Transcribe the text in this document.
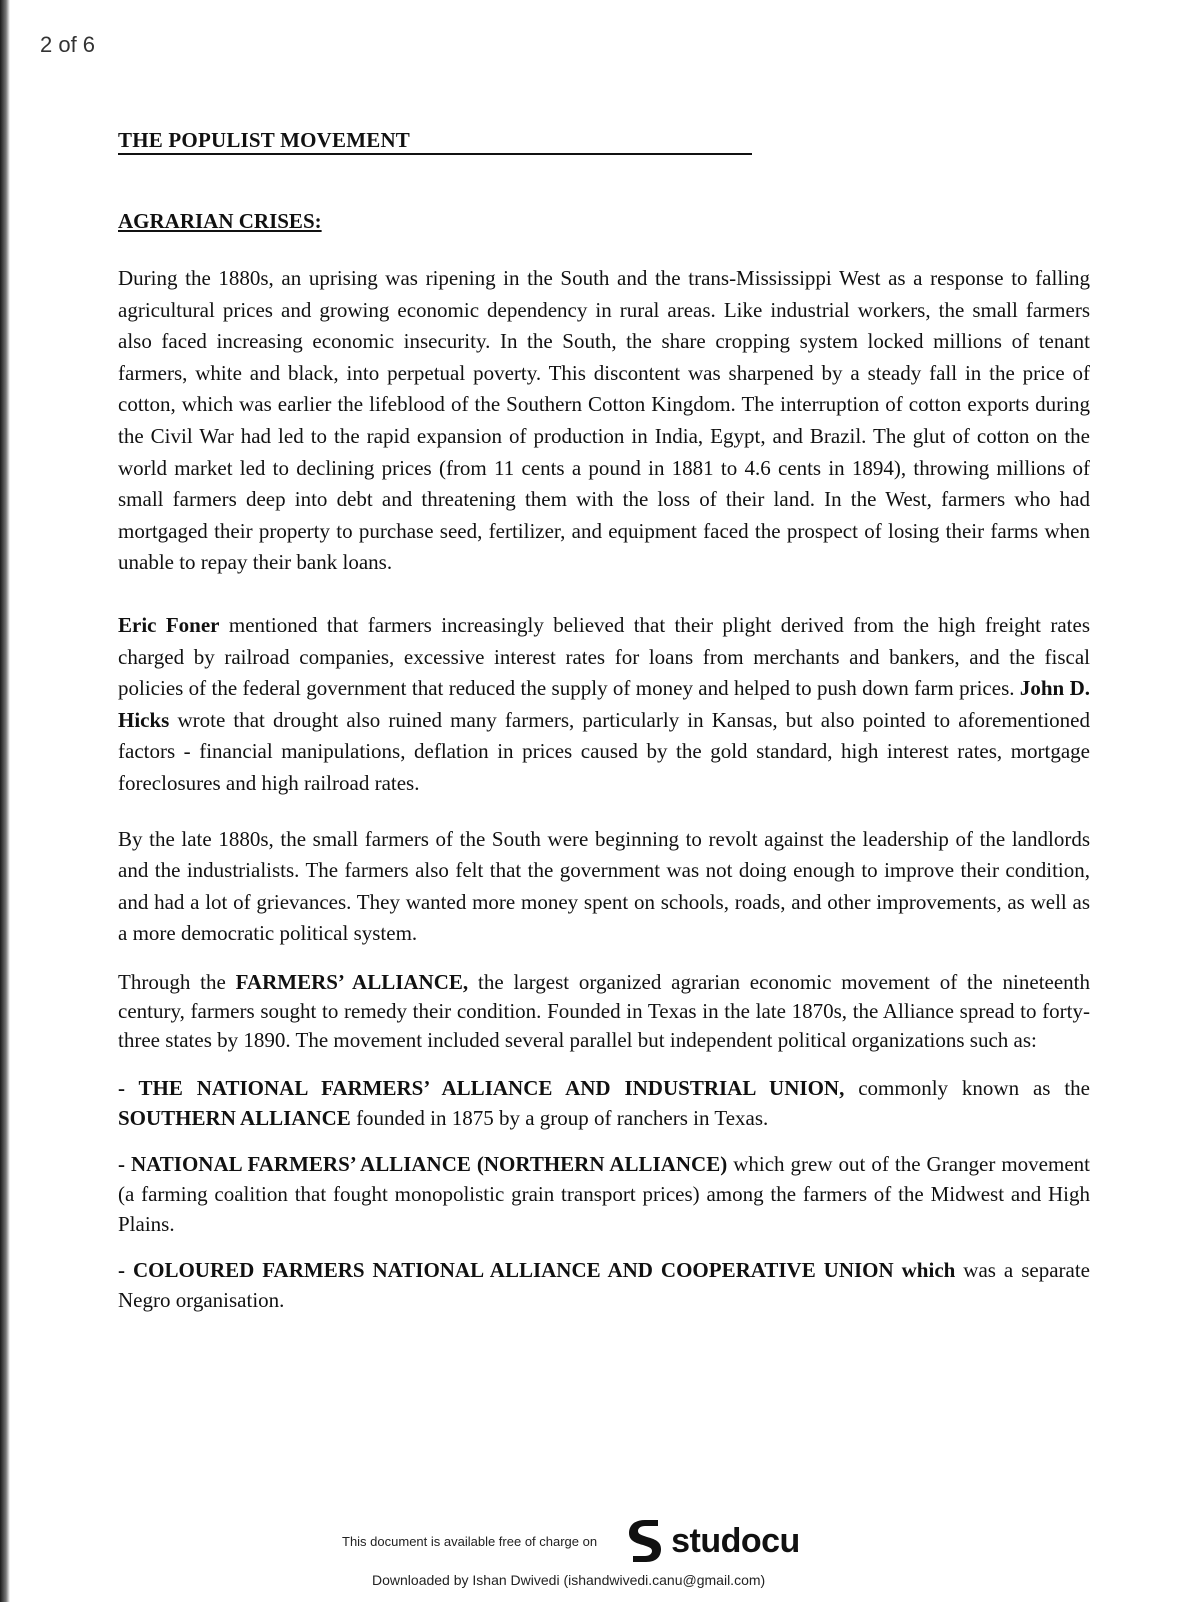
2 of 6
THE POPULIST MOVEMENT
AGRARIAN CRISES:

During the 1880s, an uprising was ripening in the South and the trans-Mississippi West as a response to falling agricultural prices and growing economic dependency in rural areas. Like industrial workers, the small farmers also faced increasing economic insecurity. In the South, the share cropping system locked millions of tenant farmers, white and black, into perpetual poverty. This discontent was sharpened by a steady fall in the price of cotton, which was earlier the lifeblood of the Southern Cotton Kingdom. The interruption of cotton exports during the Civil War had led to the rapid expansion of production in India, Egypt, and Brazil. The glut of cotton on the world market led to declining prices (from 11 cents a pound in 1881 to 4.6 cents in 1894), throwing millions of small farmers deep into debt and threatening them with the loss of their land. In the West, farmers who had mortgaged their property to purchase seed, fertilizer, and equipment faced the prospect of losing their farms when unable to repay their bank loans.

Eric Foner mentioned that farmers increasingly believed that their plight derived from the high freight rates charged by railroad companies, excessive interest rates for loans from merchants and bankers, and the fiscal policies of the federal government that reduced the supply of money and helped to push down farm prices. John D. Hicks wrote that drought also ruined many farmers, particularly in Kansas, but also pointed to aforementioned factors - financial manipulations, deflation in prices caused by the gold standard, high interest rates, mortgage foreclosures and high railroad rates.

By the late 1880s, the small farmers of the South were beginning to revolt against the leadership of the landlords and the industrialists. The farmers also felt that the government was not doing enough to improve their condition, and had a lot of grievances. They wanted more money spent on schools, roads, and other improvements, as well as a more democratic political system.

Through the FARMERS’ ALLIANCE, the largest organized agrarian economic movement of the nineteenth century, farmers sought to remedy their condition. Founded in Texas in the late 1870s, the Alliance spread to forty-three states by 1890. The movement included several parallel but independent political organizations such as:

- THE NATIONAL FARMERS’ ALLIANCE AND INDUSTRIAL UNION, commonly known as the SOUTHERN ALLIANCE founded in 1875 by a group of ranchers in Texas.

- NATIONAL FARMERS’ ALLIANCE (NORTHERN ALLIANCE) which grew out of the Granger movement (a farming coalition that fought monopolistic grain transport prices) among the farmers of the Midwest and High Plains.

- COLOURED FARMERS NATIONAL ALLIANCE AND COOPERATIVE UNION which was a separate Negro organisation.

This document is available free of charge on studocu
Downloaded by Ishan Dwivedi (ishandwivedi.canu@gmail.com)
